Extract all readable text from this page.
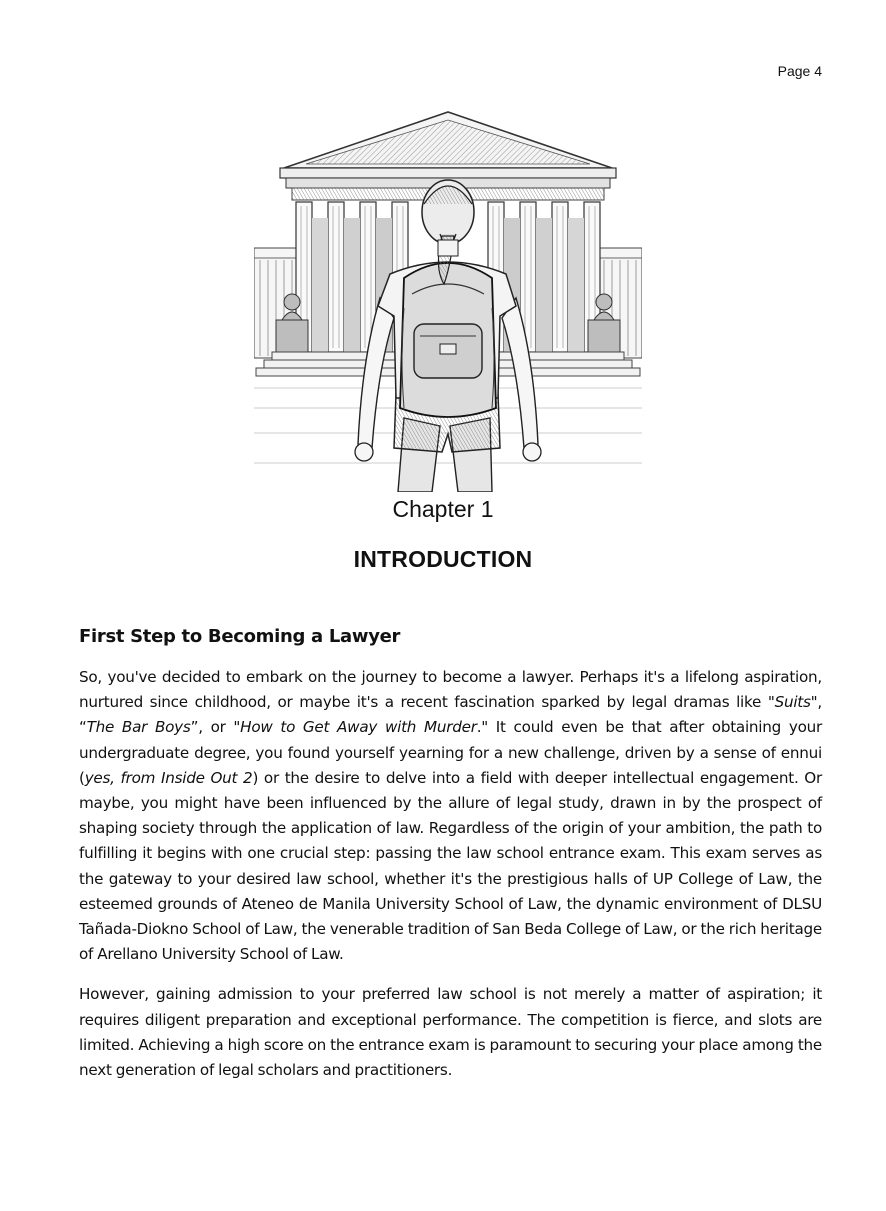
Page 4
Chapter 1
INTRODUCTION
First Step to Becoming a Lawyer

So, you've decided to embark on the journey to become a lawyer. Perhaps it's a lifelong aspiration, nurtured since childhood, or maybe it's a recent fascination sparked by legal dramas like "Suits", “The Bar Boys”, or "How to Get Away with Murder." It could even be that after obtaining your undergraduate degree, you found yourself yearning for a new challenge, driven by a sense of ennui (yes, from Inside Out 2) or the desire to delve into a field with deeper intellectual engagement. Or maybe, you might have been influenced by the allure of legal study, drawn in by the prospect of shaping society through the application of law. Regardless of the origin of your ambition, the path to fulfilling it begins with one crucial step: passing the law school entrance exam. This exam serves as the gateway to your desired law school, whether it's the prestigious halls of UP College of Law, the esteemed grounds of Ateneo de Manila University School of Law, the dynamic environment of DLSU Tañada-Diokno School of Law, the venerable tradition of San Beda College of Law, or the rich heritage of Arellano University School of Law.

However, gaining admission to your preferred law school is not merely a matter of aspiration; it requires diligent preparation and exceptional performance. The competition is fierce, and slots are limited. Achieving a high score on the entrance exam is paramount to securing your place among the next generation of legal scholars and practitioners.
